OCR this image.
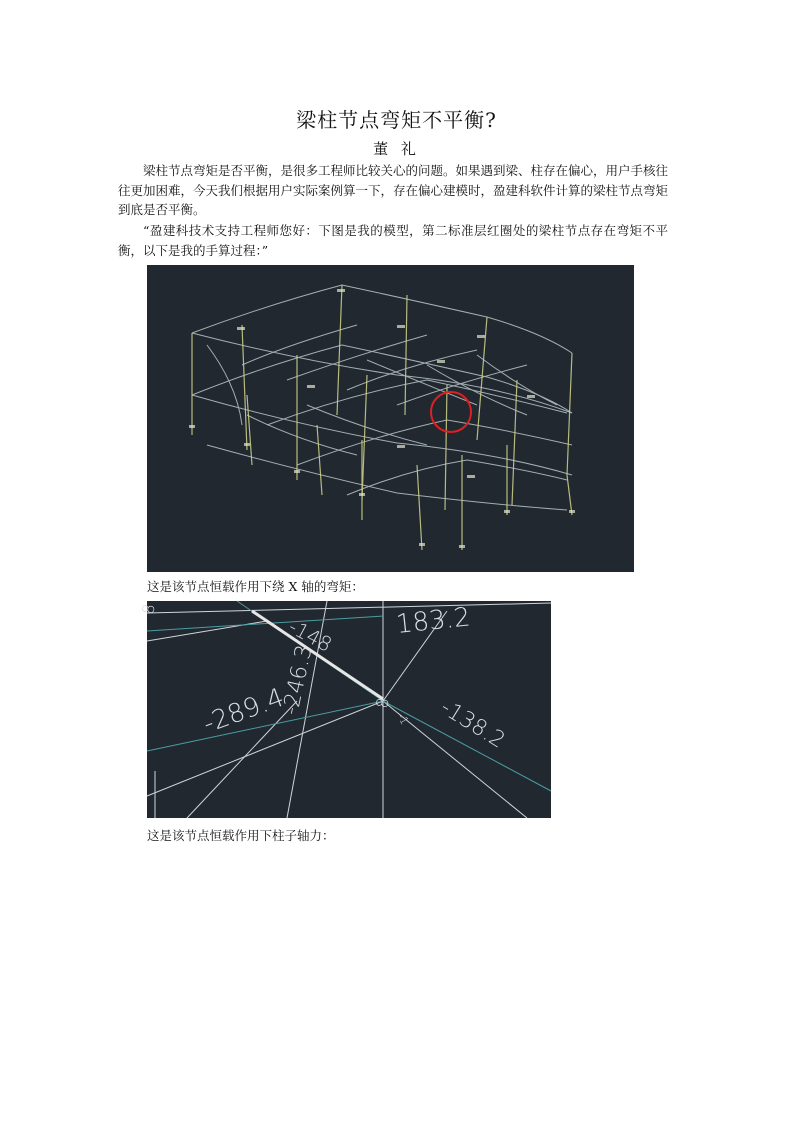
梁柱节点弯矩不平衡?
董 礼

梁柱节点弯矩是否平衡，是很多工程师比较关心的问题。如果遇到梁、柱存在偏心，用户手核往往更加困难，今天我们根据用户实际案例算一下，存在偏心建模时，盈建科软件计算的梁柱节点弯矩到底是否平衡。

“盈建科技术支持工程师您好：下图是我的模型，第二标准层红圈处的梁柱节点存在弯矩不平衡，以下是我的手算过程：”

这是该节点恒载作用下绕 X 轴的弯矩：
183.2
-148
-246.3
-289.4	-138.2
8
8
-1
这是该节点恒载作用下柱子轴力：
